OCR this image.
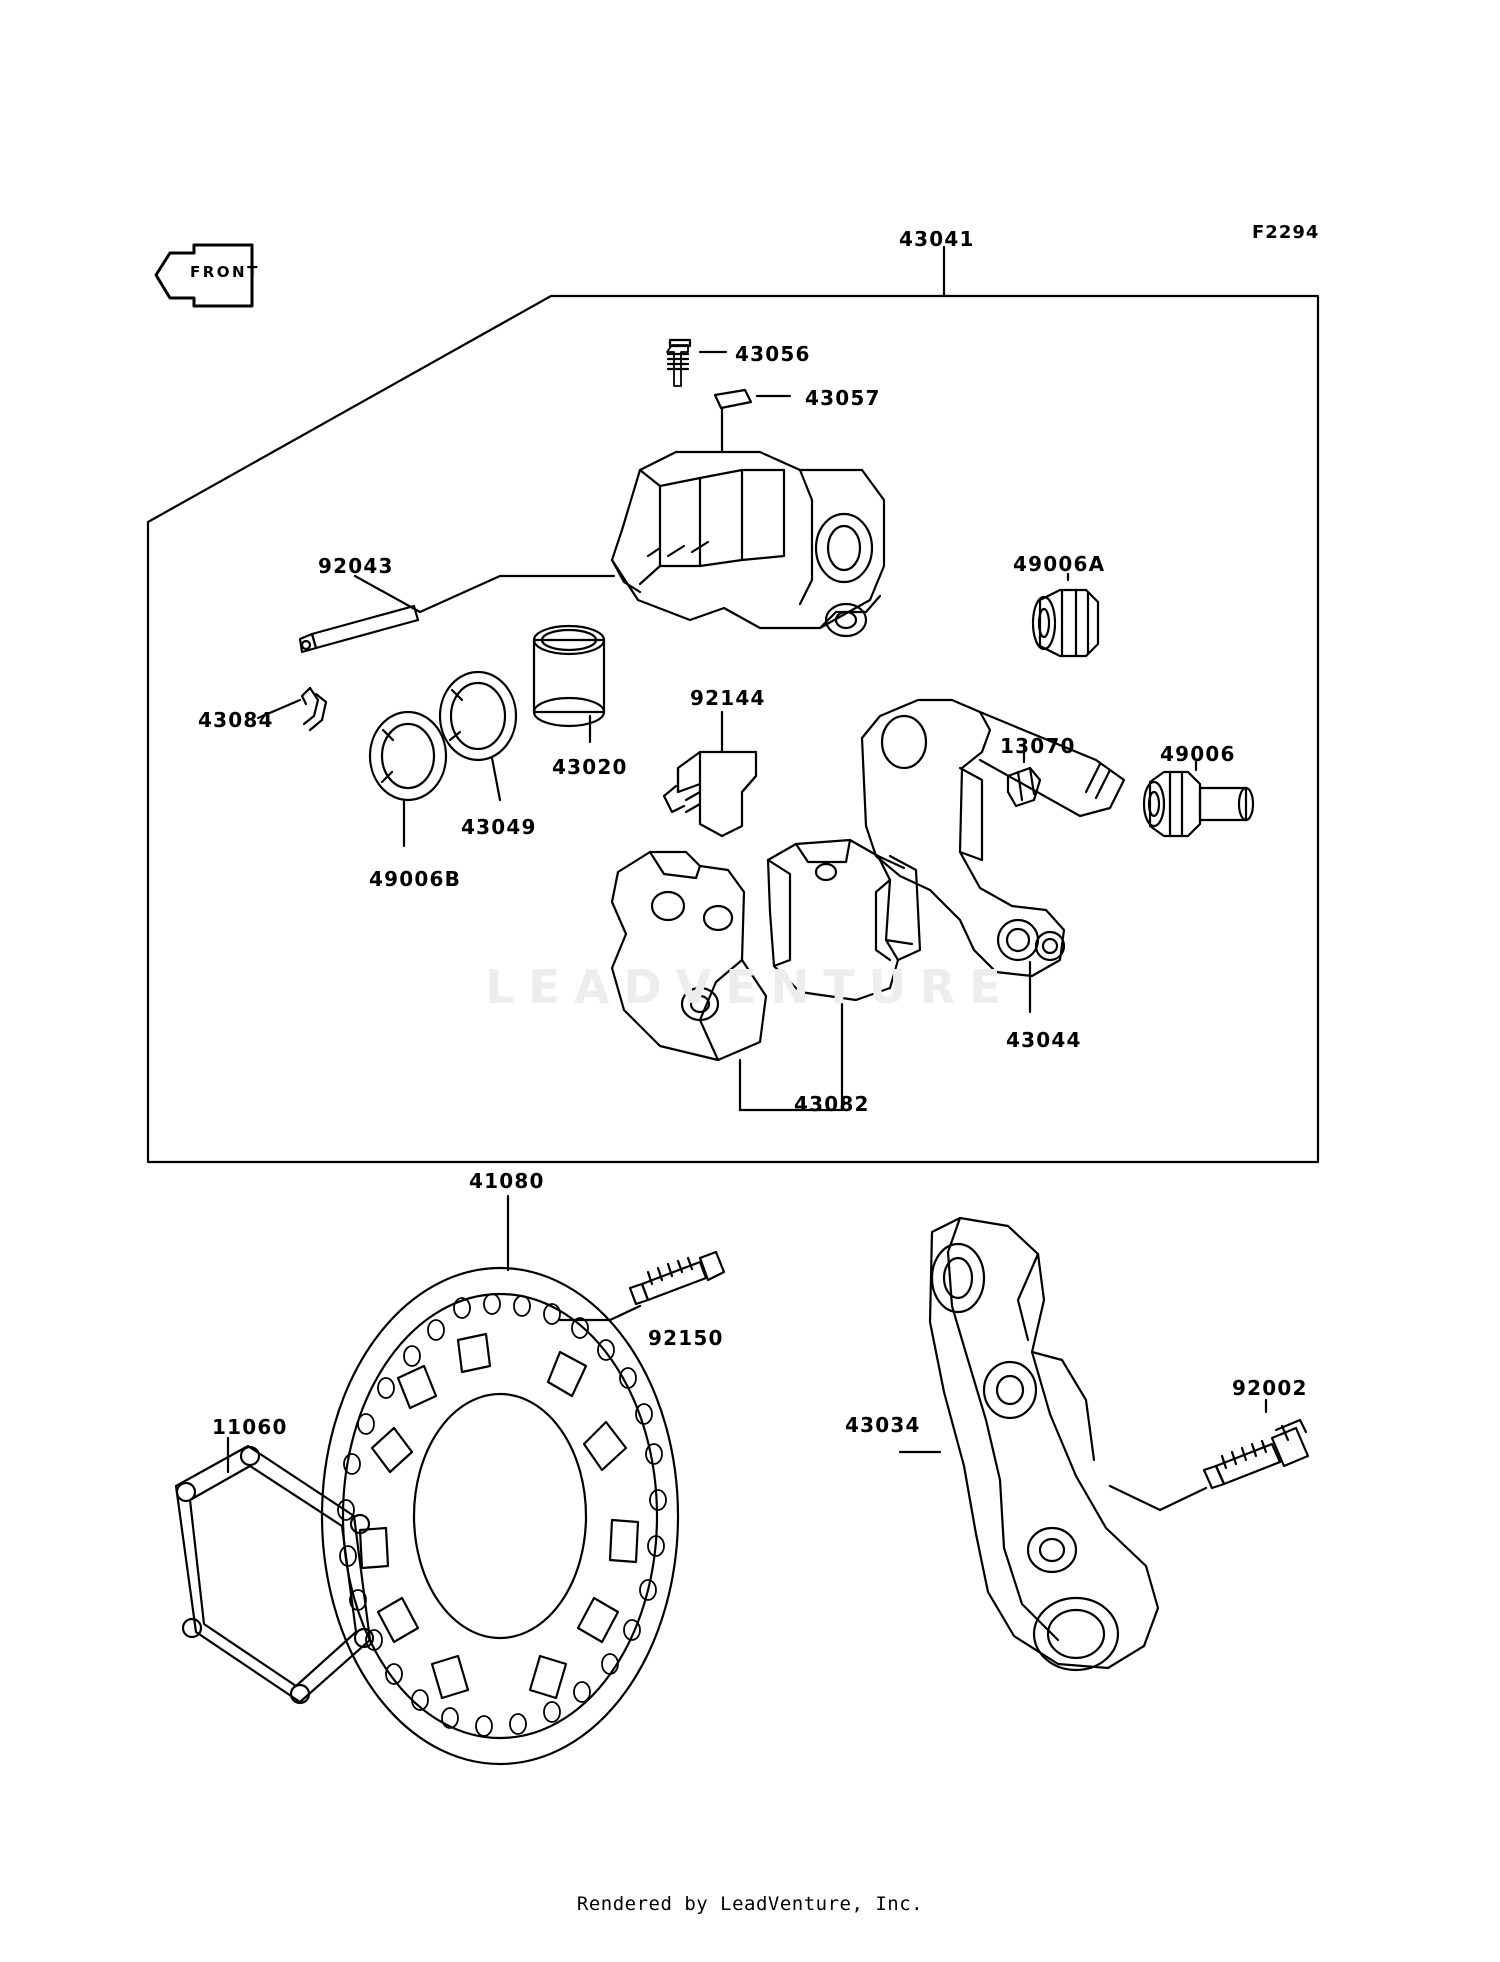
F2294
FRONT
LEADVENTURE
43041
43056
43057
92043	49006A
43084
92144
43020
13070	49006
43049
49006B
43044
43082
41080
92150
92002
11060	43034
Rendered by LeadVenture, Inc.
